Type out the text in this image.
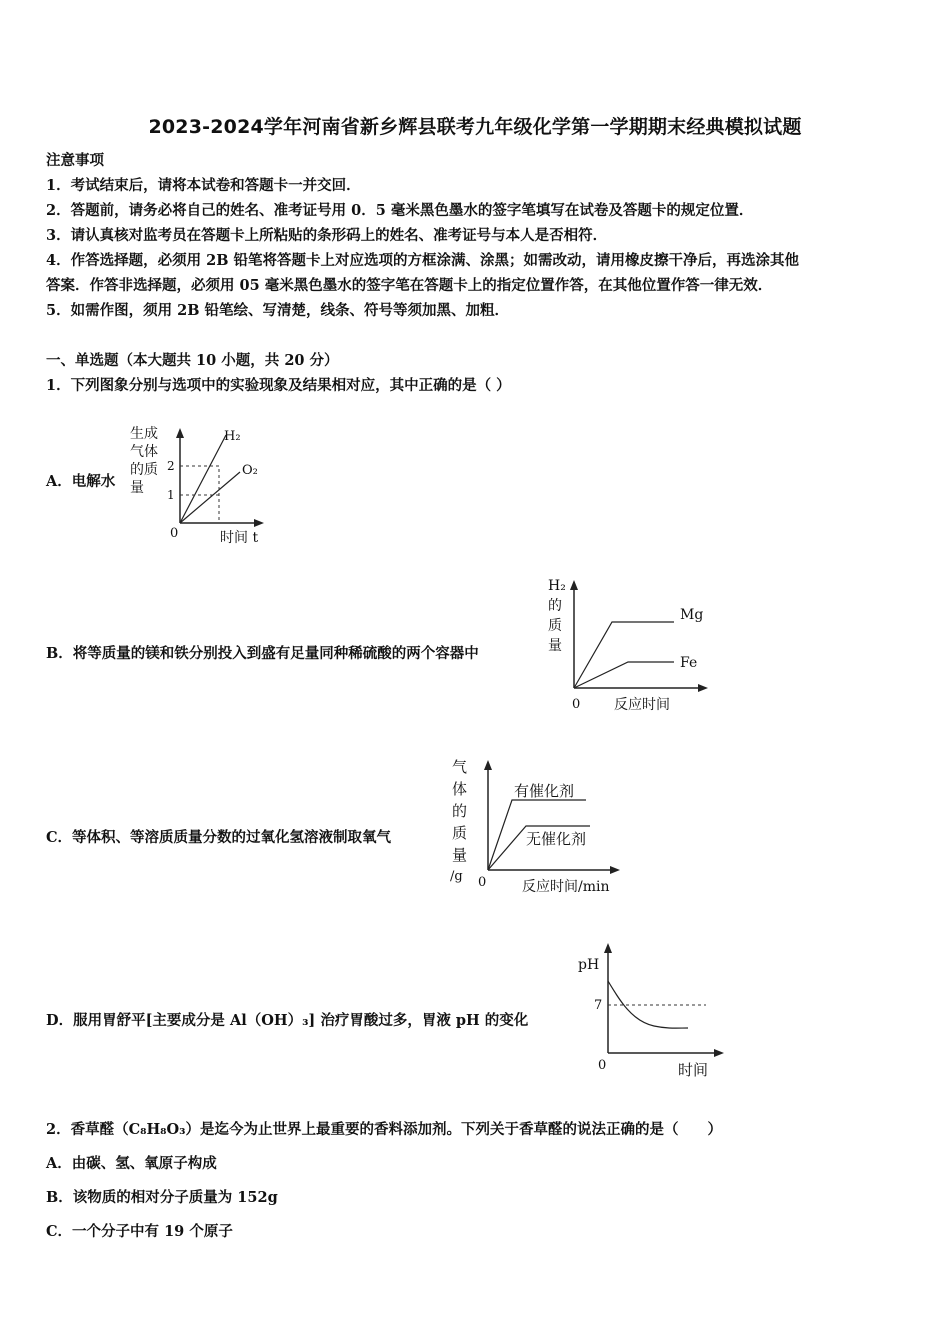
2023-2024学年河南省新乡辉县联考九年级化学第一学期期末经典模拟试题
注意事项
1．考试结束后，请将本试卷和答题卡一并交回．
2．答题前，请务必将自己的姓名、准考证号用 0．5 毫米黑色墨水的签字笔填写在试卷及答题卡的规定位置．
3．请认真核对监考员在答题卡上所粘贴的条形码上的姓名、准考证号与本人是否相符．
4．作答选择题，必须用 2B 铅笔将答题卡上对应选项的方框涂满、涂黑；如需改动，请用橡皮擦干净后，再选涂其他
答案．作答非选择题，必须用 05 毫米黑色墨水的签字笔在答题卡上的指定位置作答，在其他位置作答一律无效．
5．如需作图，须用 2B 铅笔绘、写清楚，线条、符号等须加黑、加粗．
一、单选题（本大题共 10 小题，共 20 分）
1．下列图象分别与选项中的实验现象及结果相对应，其中正确的是（ ）
A．电解水
生成
气体
的质
量
2
1
0	时间 t
H₂
O₂
B．将等质量的镁和铁分别投入到盛有足量同种稀硫酸的两个容器中
H₂
的
质
量
0 反应时间
Mg
Fe
C．等体积、等溶质质量分数的过氧化氢溶液制取氧气
气
体
的
质
量
/g 0	反应时间/min
有催化剂
无催化剂
D．服用胃舒平[主要成分是 Al（OH）₃] 治疗胃酸过多，胃液 pH 的变化
pH
7
0	时间
2．香草醛（C₈H₈O₃）是迄今为止世界上最重要的香料添加剂。下列关于香草醛的说法正确的是（　　）
A．由碳、氢、氧原子构成
B．该物质的相对分子质量为 152g
C．一个分子中有 19 个原子
